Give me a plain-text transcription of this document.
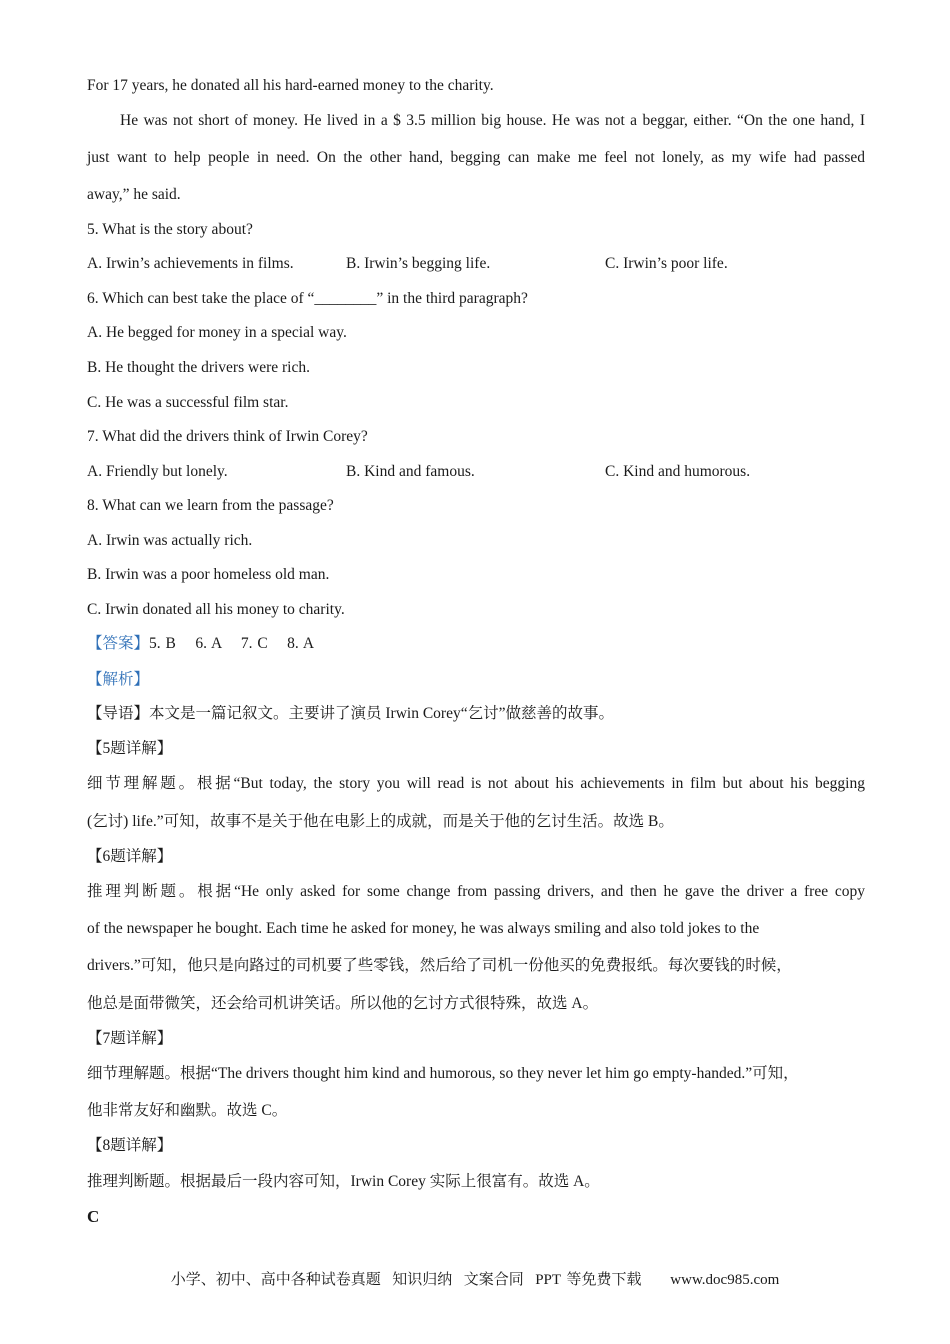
For 17 years, he donated all his hard-earned money to the charity.
He was not short of money. He lived in a $ 3.5 million big house. He was not a beggar, either. “On the one hand, I
just want to help people in need. On the other hand, begging can make me feel not lonely, as my wife had passed
away,” he said.
5. What is the story about?
A. Irwin’s achievements in films.	B. Irwin’s begging life.	C. Irwin’s poor life.
6. Which can best take the place of “________” in the third paragraph?
A. He begged for money in a special way.
B. He thought the drivers were rich.
C. He was a successful film star.
7. What did the drivers think of Irwin Corey?
A. Friendly but lonely.	B. Kind and famous.	C. Kind and humorous.
8. What can we learn from the passage?
A. Irwin was actually rich.
B. Irwin was a poor homeless old man.
C. Irwin donated all his money to charity.
【答案】5. B    6. A    7. C    8. A
【解析】
【导语】本文是一篇记叙文。主要讲了演员 Irwin Corey“乞讨”做慈善的故事。
【5题详解】
细节理解题。根据“But today, the story you will read is not about his achievements in film but about his begging
(乞讨) life.”可知，故事不是关于他在电影上的成就，而是关于他的乞讨生活。故选 B。
【6题详解】
推理判断题。根据“He only asked for some change from passing drivers, and then he gave the driver a free copy
of the newspaper he bought. Each time he asked for money, he was always smiling and also told jokes to the
drivers.”可知，他只是向路过的司机要了些零钱，然后给了司机一份他买的免费报纸。每次要钱的时候，
他总是面带微笑，还会给司机讲笑话。所以他的乞讨方式很特殊，故选 A。
【7题详解】
细节理解题。根据“The drivers thought him kind and humorous, so they never let him go empty-handed.”可知，
他非常友好和幽默。故选 C。
【8题详解】
推理判断题。根据最后一段内容可知，Irwin Corey 实际上很富有。故选 A。
C
小学、初中、高中各种试卷真题  知识归纳  文案合同  PPT 等免费下载     www.doc985.com
